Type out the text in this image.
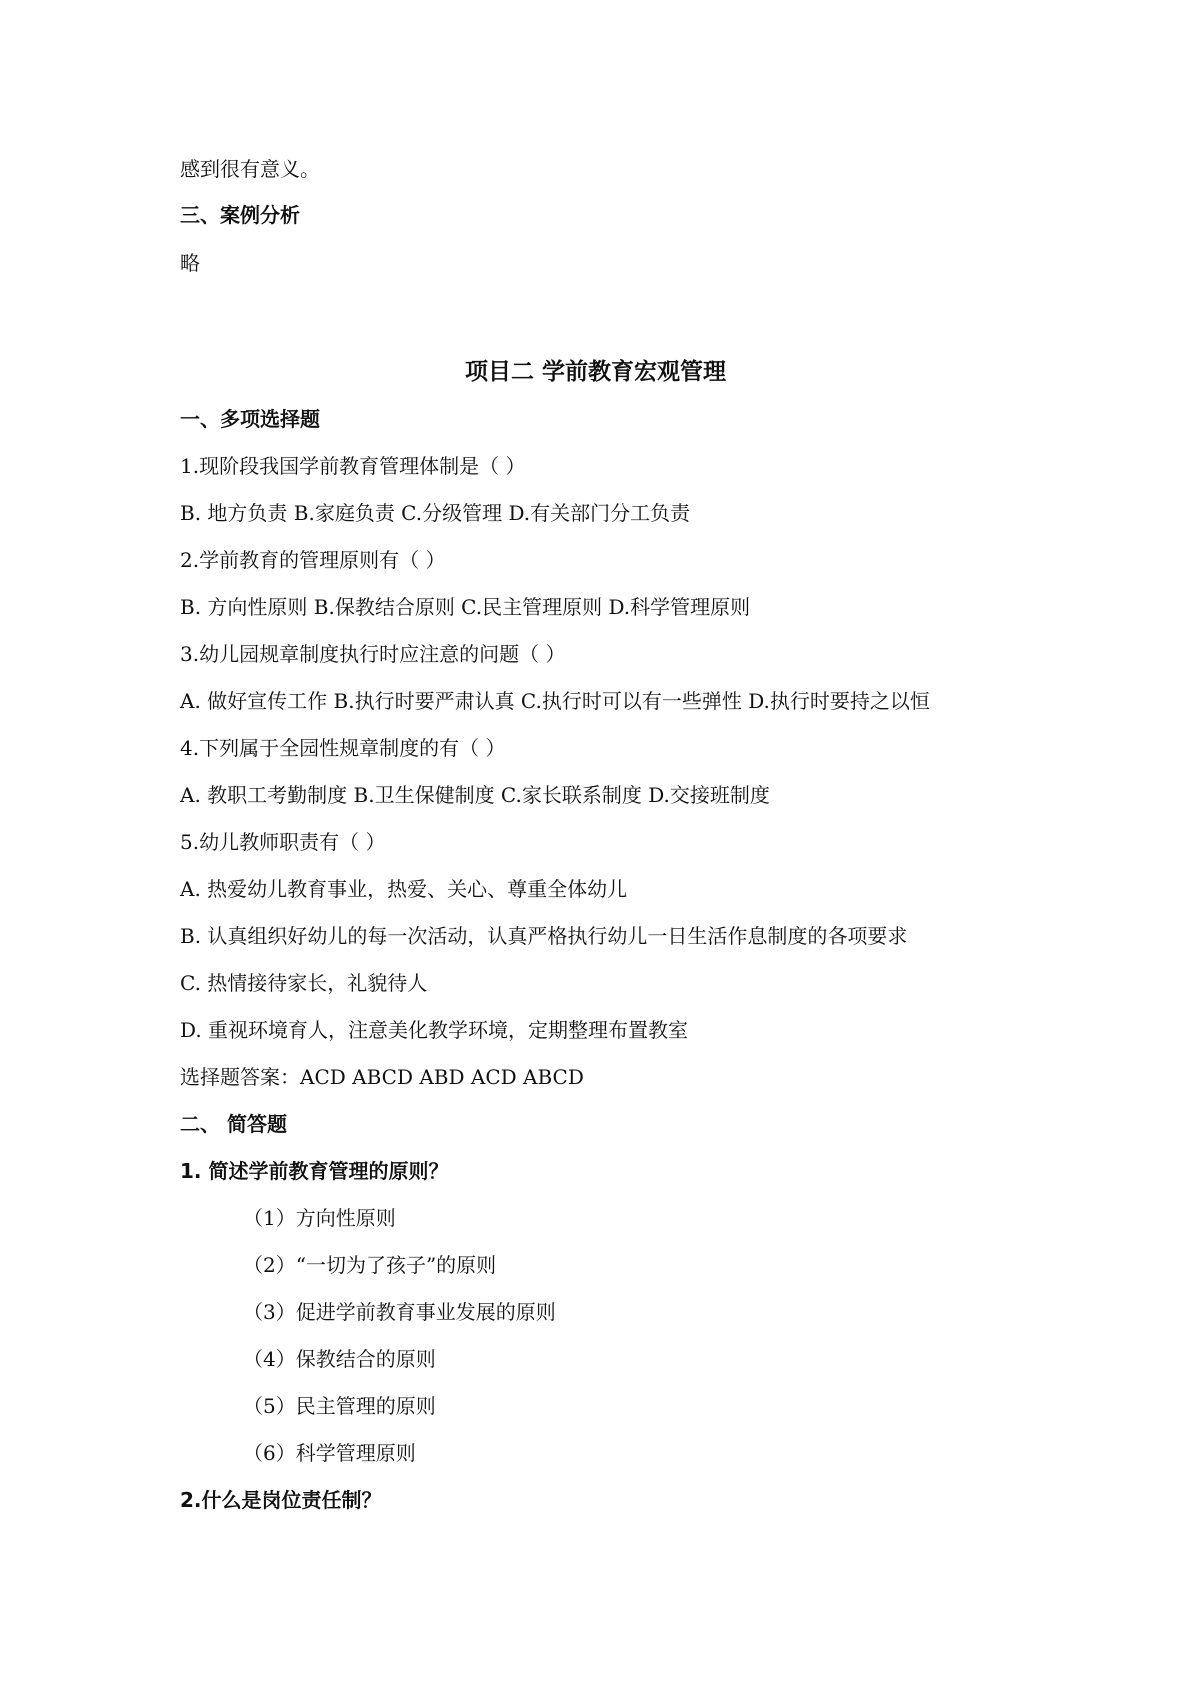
感到很有意义。
三、案例分析
略
项目二 学前教育宏观管理
一、多项选择题
1.现阶段我国学前教育管理体制是（ ）
B. 地方负责 B.家庭负责 C.分级管理 D.有关部门分工负责
2.学前教育的管理原则有（ ）
B. 方向性原则 B.保教结合原则 C.民主管理原则 D.科学管理原则
3.幼儿园规章制度执行时应注意的问题（ ）
A. 做好宣传工作 B.执行时要严肃认真 C.执行时可以有一些弹性 D.执行时要持之以恒
4.下列属于全园性规章制度的有（ ）
A. 教职工考勤制度 B.卫生保健制度 C.家长联系制度 D.交接班制度
5.幼儿教师职责有（ ）
A. 热爱幼儿教育事业，热爱、关心、尊重全体幼儿
B. 认真组织好幼儿的每一次活动，认真严格执行幼儿一日生活作息制度的各项要求
C. 热情接待家长，礼貌待人
D. 重视环境育人，注意美化教学环境，定期整理布置教室
选择题答案：ACD ABCD ABD ACD ABCD
二、 简答题
1. 简述学前教育管理的原则？
（1）方向性原则
（2）“一切为了孩子”的原则
（3）促进学前教育事业发展的原则
（4）保教结合的原则
（5）民主管理的原则
（6）科学管理原则
2.什么是岗位责任制？
